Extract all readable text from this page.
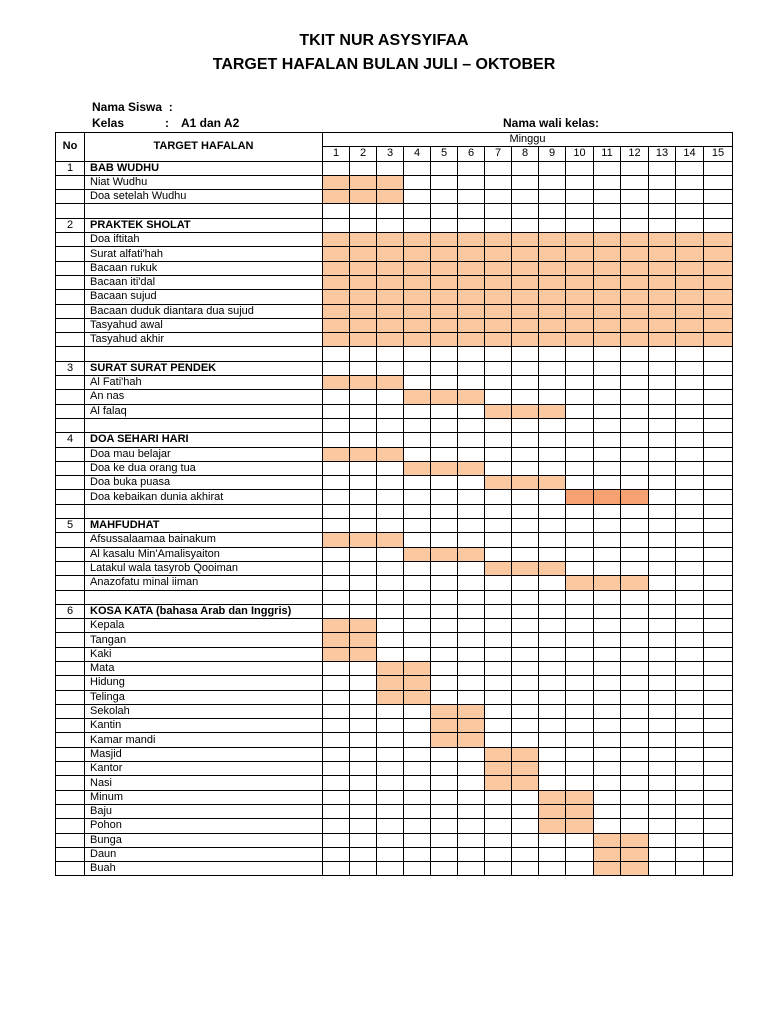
TKIT NUR ASYSYIFAA
TARGET HAFALAN BULAN JULI – OKTOBER
Nama Siswa  :
Kelas	: A1 dan A2	Nama wali kelas:
No	TARGET HAFALAN	Minggu														
		1	2	3	4	5	6	7	8	9	10	11	12	13	14	15
1	BAB WUDHU															
	Niat Wudhu															
	Doa setelah Wudhu															

2	PRAKTEK SHOLAT															
	Doa iftitah															
	Surat alfati'hah															
	Bacaan rukuk															
	Bacaan iti'dal															
	Bacaan sujud															
	Bacaan duduk diantara dua sujud															
	Tasyahud awal															
	Tasyahud akhir															

3	SURAT SURAT PENDEK															
	Al Fati'hah															
	An nas															
	Al falaq															

4	DOA SEHARI HARI															
	Doa mau belajar															
	Doa ke dua orang tua															
	Doa buka puasa															
	Doa kebaikan dunia akhirat															

5	MAHFUDHAT															
	Afsussalaamaa bainakum															
	Al kasalu Min'Amalisyaiton															
	Latakul wala tasyrob Qooiman															
	Anazofatu minal iiman															

6	KOSA KATA (bahasa Arab dan Inggris)															
	Kepala															
	Tangan															
	Kaki															
	Mata															
	Hidung															
	Telinga															
	Sekolah															
	Kantin															
	Kamar mandi															
	Masjid															
	Kantor															
	Nasi															
	Minum															
	Baju															
	Pohon															
	Bunga															
	Daun															
	Buah															
